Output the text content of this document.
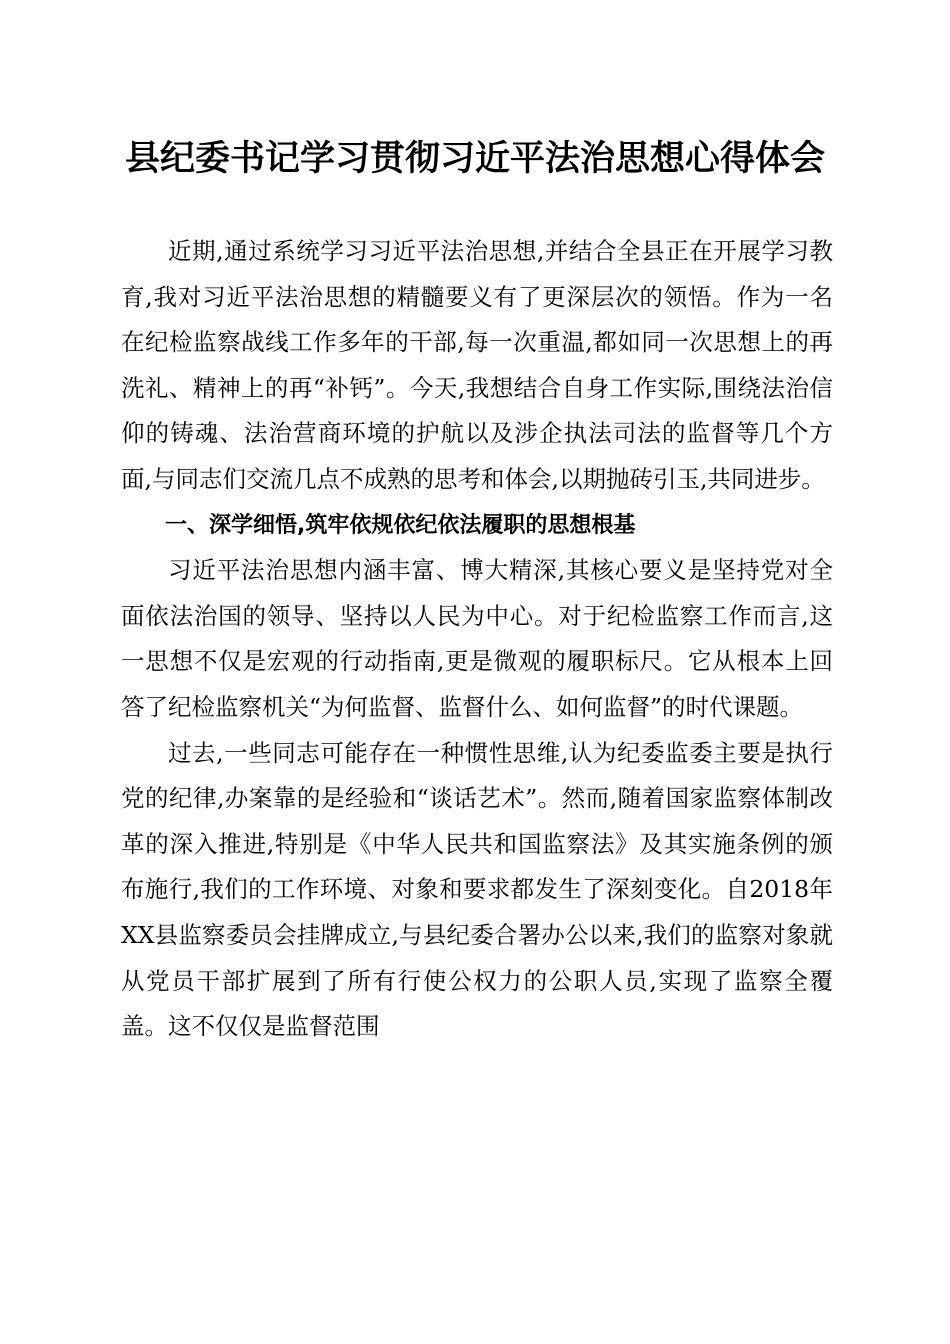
县纪委书记学习贯彻习近平法治思想心得体会

近期,通过系统学习习近平法治思想,并结合全县正在开展学习教育,我对习近平法治思想的精髓要义有了更深层次的领悟。作为一名在纪检监察战线工作多年的干部,每一次重温,都如同一次思想上的再洗礼、精神上的再“补钙”。今天,我想结合自身工作实际,围绕法治信仰的铸魂、法治营商环境的护航以及涉企执法司法的监督等几个方面,与同志们交流几点不成熟的思考和体会,以期抛砖引玉,共同进步。

一、深学细悟,筑牢依规依纪依法履职的思想根基

习近平法治思想内涵丰富、博大精深,其核心要义是坚持党对全面依法治国的领导、坚持以人民为中心。对于纪检监察工作而言,这一思想不仅是宏观的行动指南,更是微观的履职标尺。它从根本上回答了纪检监察机关“为何监督、监督什么、如何监督”的时代课题。

过去,一些同志可能存在一种惯性思维,认为纪委监委主要是执行党的纪律,办案靠的是经验和“谈话艺术”。然而,随着国家监察体制改革的深入推进,特别是《中华人民共和国监察法》及其实施条例的颁布施行,我们的工作环境、对象和要求都发生了深刻变化。自2018年XX县监察委员会挂牌成立,与县纪委合署办公以来,我们的监察对象就从党员干部扩展到了所有行使公权力的公职人员,实现了监察全覆盖。这不仅仅是监督范围
